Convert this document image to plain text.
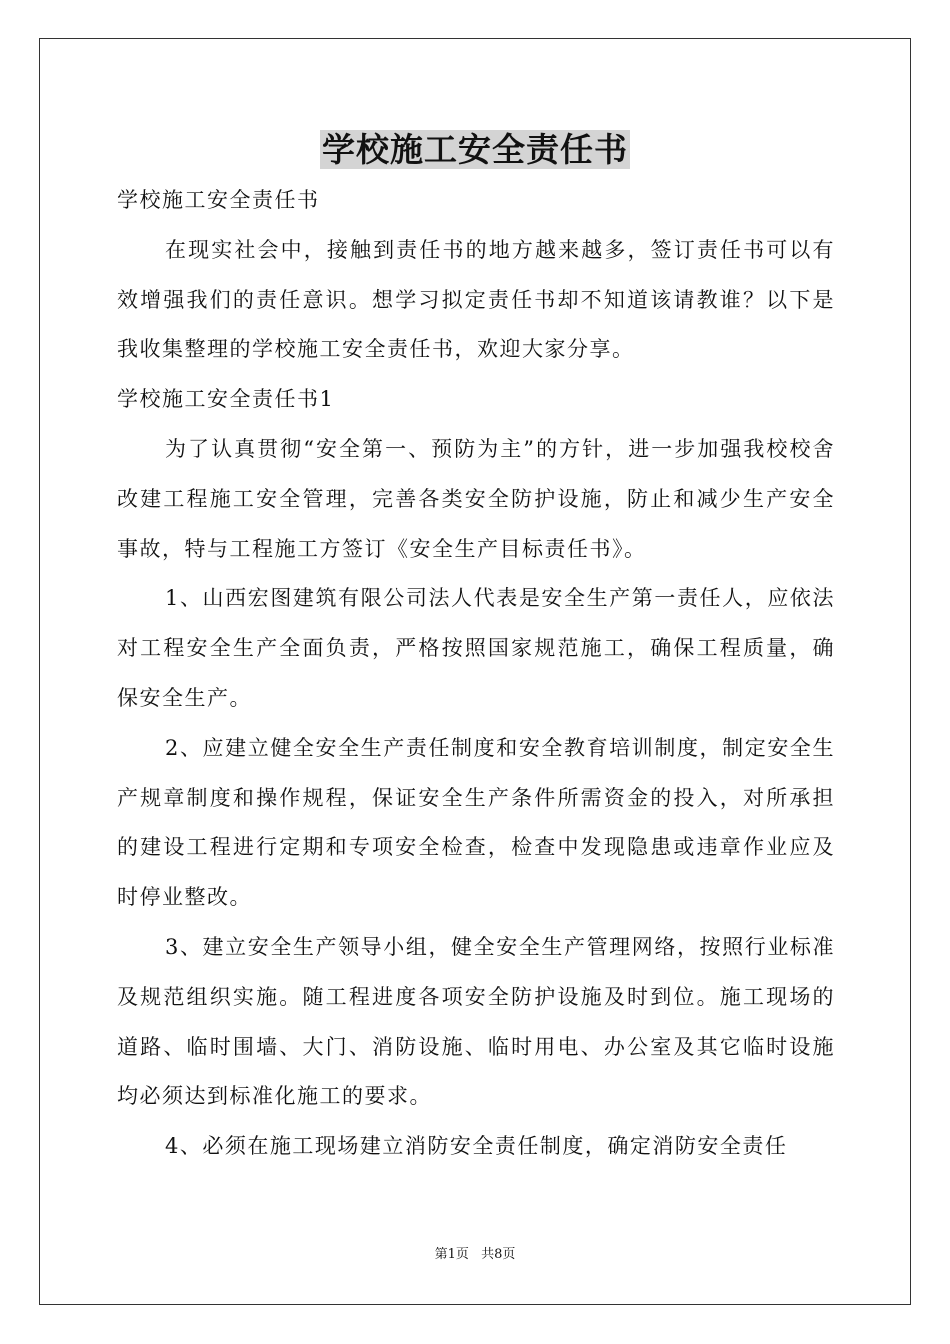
学校施工安全责任书

学校施工安全责任书

在现实社会中，接触到责任书的地方越来越多，签订责任书可以有效增强我们的责任意识。想学习拟定责任书却不知道该请教谁？以下是我收集整理的学校施工安全责任书，欢迎大家分享。

学校施工安全责任书1

为了认真贯彻“安全第一、预防为主”的方针，进一步加强我校校舍改建工程施工安全管理，完善各类安全防护设施，防止和减少生产安全事故，特与工程施工方签订《安全生产目标责任书》。

1、山西宏图建筑有限公司法人代表是安全生产第一责任人，应依法对工程安全生产全面负责，严格按照国家规范施工，确保工程质量，确保安全生产。

2、应建立健全安全生产责任制度和安全教育培训制度，制定安全生产规章制度和操作规程，保证安全生产条件所需资金的投入，对所承担的建设工程进行定期和专项安全检查，检查中发现隐患或违章作业应及时停业整改。

3、建立安全生产领导小组，健全安全生产管理网络，按照行业标准及规范组织实施。随工程进度各项安全防护设施及时到位。施工现场的道路、临时围墙、大门、消防设施、临时用电、办公室及其它临时设施均必须达到标准化施工的要求。

4、必须在施工现场建立消防安全责任制度，确定消防安全责任

第1页 共8页
